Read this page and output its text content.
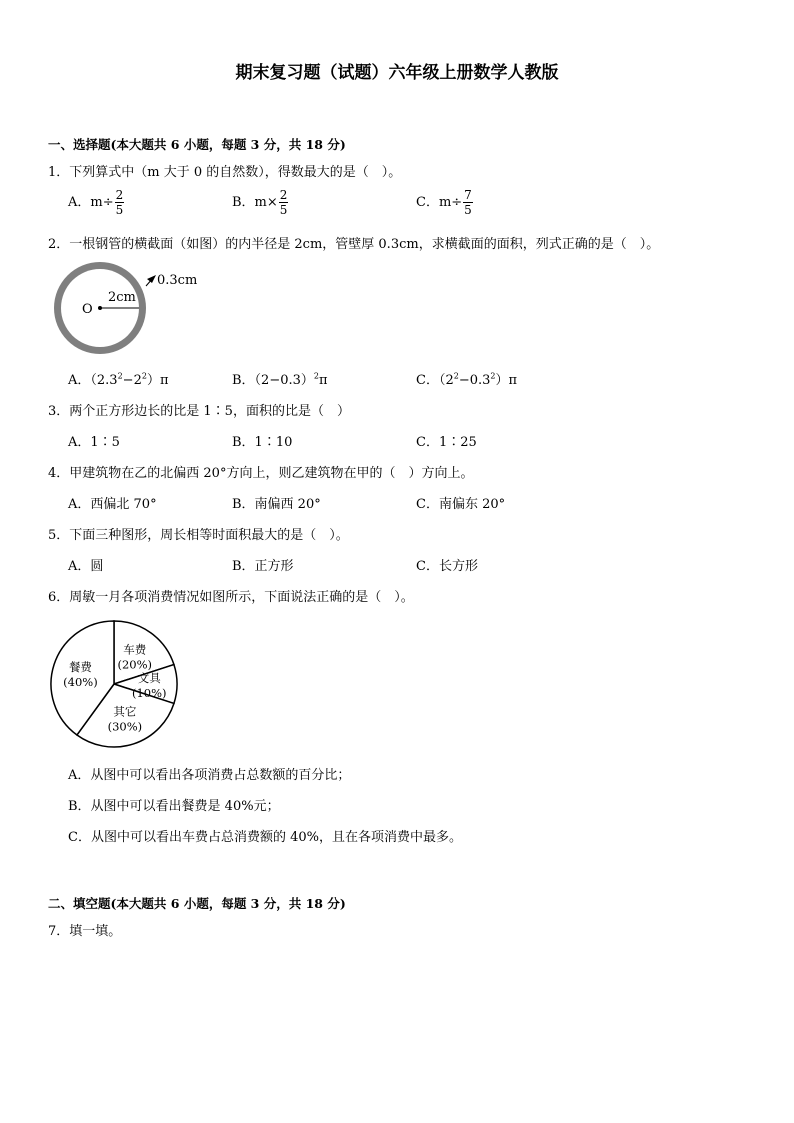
期末复习题（试题）六年级上册数学人教版
一、选择题(本大题共 6 小题，每题 3 分，共 18 分)
1．下列算式中（m 大于 0 的自然数），得数最大的是（　）。
A．$m\div \frac{2}{5}$	B．$m\times \frac{2}{5}$	C．$m\div \frac{7}{5}$
2．一根钢管的横截面（如图）的内半径是 2cm，管壁厚 0.3cm，求横截面的面积，列式正确的是（　）。
O
2cm
0.3cm
A．$(2.3^2-2^2)\pi$	B．$(2-0.3)^2\pi$	C．$(2^2-0.3^2)\pi$
3．两个正方形边长的比是 1∶5，面积的比是（　）
A．1∶5	B．1∶10	C．1∶25
4．甲建筑物在乙的北偏西 20°方向上，则乙建筑物在甲的（　）方向上。
A．西偏北 70°	B．南偏西 20°	C．南偏东 20°
5．下面三种图形，周长相等时面积最大的是（　）。
A．圆	B．正方形	C．长方形
6．周敏一月各项消费情况如图所示，下面说法正确的是（　）。
车费
(20%)
文具
(10%)
其它
(30%)
餐费
(40%)
A．从图中可以看出各项消费占总数额的百分比；
B．从图中可以看出餐费是 40%元；
C．从图中可以看出车费占总消费额的 40%，且在各项消费中最多。
二、填空题(本大题共 6 小题，每题 3 分，共 18 分)
7．填一填。
